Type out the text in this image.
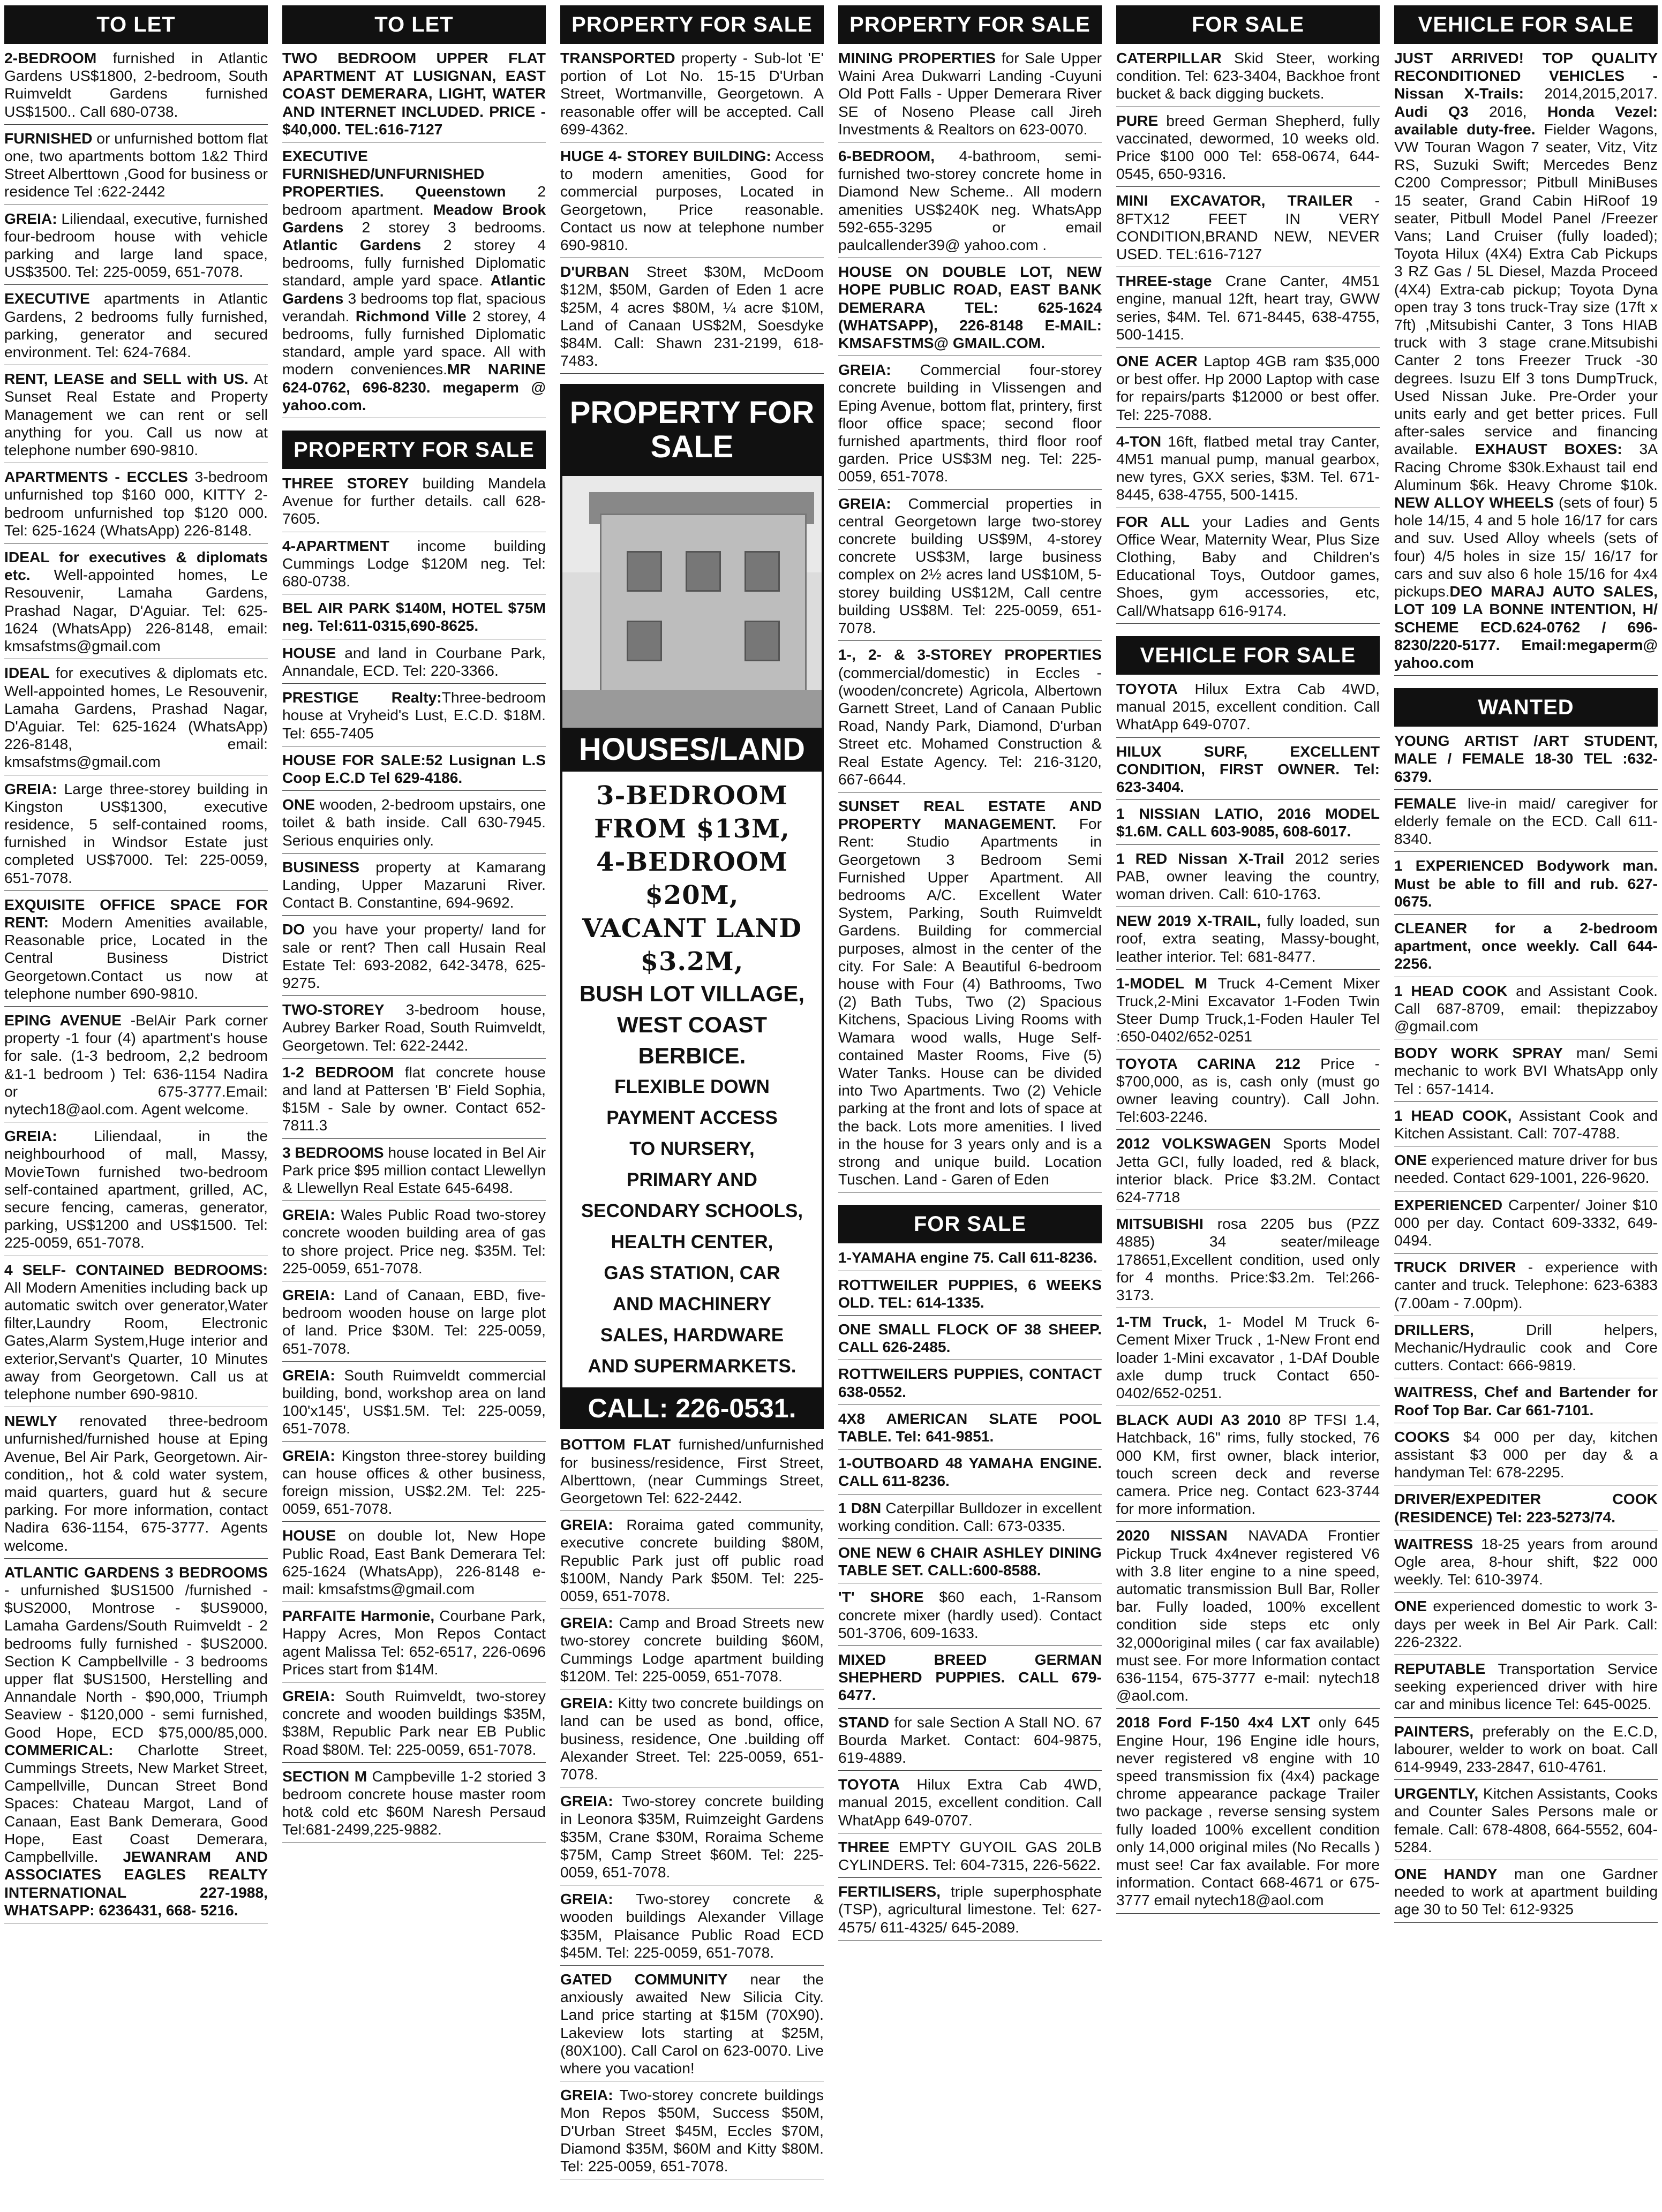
TO LET
2-BEDROOM furnished in Atlantic Gardens US$1800, 2-bedroom, South Ruimveldt Gardens furnished US$1500.. Call 680-0738.
FURNISHED or unfurnished bottom flat one, two apartments bottom 1&2 Third Street Alberttown ,Good for business or residence Tel :622-2442
GREIA: Liliendaal, executive, furnished four-bedroom house with vehicle parking and large land space, US$3500. Tel: 225-0059, 651-7078.
EXECUTIVE apartments in Atlantic Gardens, 2 bedrooms fully furnished, parking, generator and secured environment. Tel: 624-7684.
RENT, LEASE and SELL with US. At Sunset Real Estate and Property Management we can rent or sell anything for you. Call us now at telephone number 690-9810.
APARTMENTS - ECCLES 3-bedroom unfurnished top $160 000, KITTY 2-bedroom unfurnished top $120 000. Tel: 625-1624 (WhatsApp) 226-8148.
IDEAL for executives & diplomats etc. Well-appointed homes, Le Resouvenir, Lamaha Gardens, Prashad Nagar, D'Aguiar. Tel: 625-1624 (WhatsApp) 226-8148, email: kmsafstms@gmail.com
IDEAL for executives & diplomats etc. Well-appointed homes, Le Resouvenir, Lamaha Gardens, Prashad Nagar, D'Aguiar. Tel: 625-1624 (WhatsApp) 226-8148, email: kmsafstms@gmail.com
GREIA: Large three-storey building in Kingston US$1300, executive residence, 5 self-contained rooms, furnished in Windsor Estate just completed US$7000. Tel: 225-0059, 651-7078.
EXQUISITE OFFICE SPACE FOR RENT: Modern Amenities available, Reasonable price, Located in the Central Business District Georgetown.Contact us now at telephone number 690-9810.
EPING AVENUE -BelAir Park corner property -1 four (4) apartment's house for sale. (1-3 bedroom, 2,2 bedroom &1-1 bedroom ) Tel: 636-1154 Nadira or 675-3777.Email: nytech18@aol.com. Agent welcome.
GREIA: Liliendaal, in the neighbourhood of mall, Massy, MovieTown furnished two-bedroom self-contained apartment, grilled, AC, secure fencing, cameras, generator, parking, US$1200 and US$1500. Tel: 225-0059, 651-7078.
4 SELF- CONTAINED BEDROOMS: All Modern Amenities including back up automatic switch over generator,Water filter,Laundry Room, Electronic Gates,Alarm System,Huge interior and exterior,Servant's Quarter, 10 Minutes away from Georgetown. Call us at telephone number 690-9810.
NEWLY renovated three-bedroom unfurnished/furnished house at Eping Avenue, Bel Air Park, Georgetown. Air-condition,, hot & cold water system, maid quarters, guard hut & secure parking. For more information, contact Nadira 636-1154, 675-3777. Agents welcome.
ATLANTIC GARDENS 3 BEDROOMS - unfurnished $US1500 /furnished - $US2000, Montrose - $US9000, Lamaha Gardens/South Ruimveldt - 2 bedrooms fully furnished - $US2000. Section K Campbellville - 3 bedrooms upper flat $US1500, Herstelling and Annandale North - $90,000, Triumph Seaview - $120,000 - semi furnished, Good Hope, ECD $75,000/85,000. COMMERICAL: Charlotte Street, Cummings Streets, New Market Street, Campellville, Duncan Street Bond Spaces: Chateau Margot, Land of Canaan, East Bank Demerara, Good Hope, East Coast Demerara, Campbellville. JEWANRAM AND ASSOCIATES EAGLES REALTY INTERNATIONAL 227-1988, WHATSAPP: 6236431, 668- 5216.
TO LET
TWO BEDROOM UPPER FLAT APARTMENT AT LUSIGNAN, EAST COAST DEMERARA, LIGHT, WATER AND INTERNET INCLUDED. PRICE - $40,000. TEL:616-7127
EXECUTIVE FURNISHED/UNFURNISHED PROPERTIES. Queenstown 2 bedroom apartment. Meadow Brook Gardens 2 storey 3 bedrooms. Atlantic Gardens 2 storey 4 bedrooms, fully furnished Diplomatic standard, ample yard space. Atlantic Gardens 3 bedrooms top flat, spacious verandah. Richmond Ville 2 storey, 4 bedrooms, fully furnished Diplomatic standard, ample yard space. All with modern conveniences.MR NARINE 624-0762, 696-8230. megaperm @ yahoo.com.
PROPERTY FOR SALE
THREE STOREY building Mandela Avenue for further details. call 628-7605.
4-APARTMENT income building Cummings Lodge $120M neg. Tel: 680-0738.
BEL AIR PARK $140M, HOTEL $75M neg. Tel:611-0315,690-8625.
HOUSE and land in Courbane Park, Annandale, ECD. Tel: 220-3366.
PRESTIGE Realty:Three-bedroom house at Vryheid's Lust, E.C.D. $18M. Tel: 655-7405
HOUSE FOR SALE:52 Lusignan L.S Coop E.C.D Tel 629-4186.
ONE wooden, 2-bedroom upstairs, one toilet & bath inside. Call 630-7945. Serious enquiries only.
BUSINESS property at Kamarang Landing, Upper Mazaruni River. Contact B. Constantine, 694-9692.
DO you have your property/ land for sale or rent? Then call Husain Real Estate Tel: 693-2082, 642-3478, 625-9275.
TWO-STOREY 3-bedroom house, Aubrey Barker Road, South Ruimveldt, Georgetown. Tel: 622-2442.
1-2 BEDROOM flat concrete house and land at Pattersen 'B' Field Sophia, $15M - Sale by owner. Contact 652-7811.3
3 BEDROOMS house located in Bel Air Park price $95 million contact Llewellyn & Llewellyn Real Estate 645-6498.
GREIA: Wales Public Road two-storey concrete wooden building area of gas to shore project. Price neg. $35M. Tel: 225-0059, 651-7078.
GREIA: Land of Canaan, EBD, five-bedroom wooden house on large plot of land. Price $30M. Tel: 225-0059, 651-7078.
GREIA: South Ruimveldt commercial building, bond, workshop area on land 100'x145', US$1.5M. Tel: 225-0059, 651-7078.
GREIA: Kingston three-storey building can house offices & other business, foreign mission, US$2.2M. Tel: 225-0059, 651-7078.
HOUSE on double lot, New Hope Public Road, East Bank Demerara Tel: 625-1624 (WhatsApp), 226-8148 e-mail: kmsafstms@gmail.com
PARFAITE Harmonie, Courbane Park, Happy Acres, Mon Repos Contact agent Malissa Tel: 652-6517, 226-0696 Prices start from $14M.
GREIA: South Ruimveldt, two-storey concrete and wooden buildings $35M, $38M, Republic Park near EB Public Road $80M. Tel: 225-0059, 651-7078.
SECTION M Campbeville 1-2 storied 3 bedroom concrete house master room hot& cold etc $60M Naresh Persaud Tel:681-2499,225-9882.
PROPERTY FOR SALE
TRANSPORTED property - Sub-lot 'E' portion of Lot No. 15-15 D'Urban Street, Wortmanville, Georgetown. A reasonable offer will be accepted. Call 699-4362.
HUGE 4- STOREY BUILDING: Access to modern amenities, Good for commercial purposes, Located in Georgetown, Price reasonable. Contact us now at telephone number 690-9810.
D'URBAN Street $30M, McDoom $12M, $50M, Garden of Eden 1 acre $25M, 4 acres $80M, ¼ acre $10M, Land of Canaan US$2M, Soesdyke $84M. Call: Shawn 231-2199, 618-7483.
PROPERTY FOR SALE
HOUSES/LAND
3-BEDROOM
FROM $13M,
4-BEDROOM
$20M,
VACANT LAND
$3.2M,
BUSH LOT VILLAGE,
WEST COAST
BERBICE.
FLEXIBLE DOWN
PAYMENT ACCESS
TO NURSERY,
PRIMARY AND
SECONDARY SCHOOLS,
HEALTH CENTER,
GAS STATION, CAR
AND MACHINERY
SALES, HARDWARE
AND SUPERMARKETS.
CALL: 226-0531.
BOTTOM FLAT furnished/unfurnished for business/residence, First Street, Alberttown, (near Cummings Street, Georgetown Tel: 622-2442.
GREIA: Roraima gated community, executive concrete building $80M, Republic Park just off public road $100M, Nandy Park $50M. Tel: 225-0059, 651-7078.
GREIA: Camp and Broad Streets new two-storey concrete building $60M, Cummings Lodge apartment building $120M. Tel: 225-0059, 651-7078.
GREIA: Kitty two concrete buildings on land can be used as bond, office, business, residence, One .building off Alexander Street. Tel: 225-0059, 651-7078.
GREIA: Two-storey concrete building in Leonora $35M, Ruimzeight Gardens $35M, Crane $30M, Roraima Scheme $75M, Camp Street $60M. Tel: 225-0059, 651-7078.
GREIA: Two-storey concrete & wooden buildings Alexander Village $35M, Plaisance Public Road ECD $45M. Tel: 225-0059, 651-7078.
GATED COMMUNITY near the anxiously awaited New Silicia City. Land price starting at $15M (70X90). Lakeview lots starting at $25M, (80X100). Call Carol on 623-0070. Live where you vacation!
GREIA: Two-storey concrete buildings Mon Repos $50M, Success $50M, D'Urban Street $45M, Eccles $70M, Diamond $35M, $60M and Kitty $80M. Tel: 225-0059, 651-7078.
PROPERTY FOR SALE
MINING PROPERTIES for Sale Upper Waini Area Dukwarri Landing -Cuyuni Old Pott Falls - Upper Demerara River SE of Noseno Please call Jireh Investments & Realtors on 623-0070.
6-BEDROOM, 4-bathroom, semi-furnished two-storey concrete home in Diamond New Scheme.. All modern amenities US$240K neg. WhatsApp 592-655-3295 or email paulcallender39@ yahoo.com .
HOUSE ON DOUBLE LOT, NEW HOPE PUBLIC ROAD, EAST BANK DEMERARA TEL: 625-1624 (WHATSAPP), 226-8148 E-MAIL: KMSAFSTMS@ GMAIL.COM.
GREIA: Commercial four-storey concrete building in Vlissengen and Eping Avenue, bottom flat, printery, first floor office space; second floor furnished apartments, third floor roof garden. Price US$3M neg. Tel: 225-0059, 651-7078.
GREIA: Commercial properties in central Georgetown large two-storey concrete building US$9M, 4-storey concrete US$3M, large business complex on 2½ acres land US$10M, 5-storey building US$12M, Call centre building US$8M. Tel: 225-0059, 651-7078.
1-, 2- & 3-STOREY PROPERTIES (commercial/domestic) in Eccles - (wooden/concrete) Agricola, Albertown Garnett Street, Land of Canaan Public Road, Nandy Park, Diamond, D'urban Street etc. Mohamed Construction & Real Estate Agency. Tel: 216-3120, 667-6644.
SUNSET REAL ESTATE AND PROPERTY MANAGEMENT. For Rent: Studio Apartments in Georgetown 3 Bedroom Semi Furnished Upper Apartment. All bedrooms A/C. Excellent Water System, Parking, South Ruimveldt Gardens. Building for commercial purposes, almost in the center of the city. For Sale: A Beautiful 6-bedroom house with Four (4) Bathrooms, Two (2) Bath Tubs, Two (2) Spacious Kitchens, Spacious Living Rooms with Wamara wood walls, Huge Self-contained Master Rooms, Five (5) Water Tanks. House can be divided into Two Apartments. Two (2) Vehicle parking at the front and lots of space at the back. Lots more amenities. I lived in the house for 3 years only and is a strong and unique build. Location Tuschen. Land - Garen of Eden
FOR SALE
1-YAMAHA engine 75. Call 611-8236.
ROTTWEILER PUPPIES, 6 WEEKS OLD. TEL: 614-1335.
ONE SMALL FLOCK OF 38 SHEEP. CALL 626-2485.
ROTTWEILERS PUPPIES, CONTACT 638-0552.
4X8 AMERICAN SLATE POOL TABLE. Tel: 641-9851.
1-OUTBOARD 48 YAMAHA ENGINE. CALL 611-8236.
1 D8N Caterpillar Bulldozer in excellent working condition. Call: 673-0335.
ONE NEW 6 CHAIR ASHLEY DINING TABLE SET. CALL:600-8588.
'T' SHORE $60 each, 1-Ransom concrete mixer (hardly used). Contact 501-3706, 609-1633.
MIXED BREED GERMAN SHEPHERD PUPPIES. CALL 679-6477.
STAND for sale Section A Stall NO. 67 Bourda Market. Contact: 604-9875, 619-4889.
TOYOTA Hilux Extra Cab 4WD, manual 2015, excellent condition. Call WhatApp 649-0707.
THREE EMPTY GUYOIL GAS 20LB CYLINDERS. Tel: 604-7315, 226-5622.
FERTILISERS, triple superphosphate (TSP), agricultural limestone. Tel: 627-4575/ 611-4325/ 645-2089.
FOR SALE
CATERPILLAR Skid Steer, working condition. Tel: 623-3404, Backhoe front bucket & back digging buckets.
PURE breed German Shepherd, fully vaccinated, dewormed, 10 weeks old. Price $100 000 Tel: 658-0674, 644-0545, 650-9316.
MINI EXCAVATOR, TRAILER - 8FTX12 FEET IN VERY CONDITION,BRAND NEW, NEVER USED. TEL:616-7127
THREE-stage Crane Canter, 4M51 engine, manual 12ft, heart tray, GWW series, $4M. Tel. 671-8445, 638-4755, 500-1415.
ONE ACER Laptop 4GB ram $35,000 or best offer. Hp 2000 Laptop with case for repairs/parts $12000 or best offer. Tel: 225-7088.
4-TON 16ft, flatbed metal tray Canter, 4M51 manual pump, manual gearbox, new tyres, GXX series, $3M. Tel. 671-8445, 638-4755, 500-1415.
FOR ALL your Ladies and Gents Office Wear, Maternity Wear, Plus Size Clothing, Baby and Children's Educational Toys, Outdoor games, Shoes, gym accessories, etc, Call/Whatsapp 616-9174.
VEHICLE FOR SALE
TOYOTA Hilux Extra Cab 4WD, manual 2015, excellent condition. Call WhatApp 649-0707.
HILUX SURF, EXCELLENT CONDITION, FIRST OWNER. Tel: 623-3404.
1 NISSIAN LATIO, 2016 MODEL $1.6M. CALL 603-9085, 608-6017.
1 RED Nissan X-Trail 2012 series PAB, owner leaving the country, woman driven. Call: 610-1763.
NEW 2019 X-TRAIL, fully loaded, sun roof, extra seating, Massy-bought, leather interior. Tel: 681-8477.
1-MODEL M Truck 4-Cement Mixer Truck,2-Mini Excavator 1-Foden Twin Steer Dump Truck,1-Foden Hauler Tel :650-0402/652-0251
TOYOTA CARINA 212 Price - $700,000, as is, cash only (must go owner leaving country). Call John. Tel:603-2246.
2012 VOLKSWAGEN Sports Model Jetta GCI, fully loaded, red & black, interior black. Price $3.2M. Contact 624-7718
MITSUBISHI rosa 2205 bus (PZZ 4885) 34 seater/mileage 178651,Excellent condition, used only for 4 months. Price:$3.2m. Tel:266-3173.
1-TM Truck, 1- Model M Truck 6-Cement Mixer Truck , 1-New Front end loader 1-Mini excavator , 1-DAf Double axle dump truck Contact 650-0402/652-0251.
BLACK AUDI A3 2010 8P TFSI 1.4, Hatchback, 16" rims, fully stocked, 76 000 KM, first owner, black interior, touch screen deck and reverse camera. Price neg. Contact 623-3744 for more information.
2020 NISSAN NAVADA Frontier Pickup Truck 4x4never registered V6 with 3.8 liter engine to a nine speed, automatic transmission Bull Bar, Roller bar. Fully loaded, 100% excellent condition side steps etc only 32,000original miles ( car fax available) must see. For more Information contact 636-1154, 675-3777 e-mail: nytech18 @aol.com.
2018 Ford F-150 4x4 LXT only 645 Engine Hour, 196 Engine idle hours, never registered v8 engine with 10 speed transmission fix (4x4) package chrome appearance package Trailer two package , reverse sensing system fully loaded 100% excellent condition only 14,000 original miles (No Recalls ) must see! Car fax available. For more information. Contact 668-4671 or 675-3777 email nytech18@aol.com
VEHICLE FOR SALE
JUST ARRIVED! TOP QUALITY RECONDITIONED VEHICLES - Nissan X-Trails: 2014,2015,2017. Audi Q3 2016, Honda Vezel: available duty-free. Fielder Wagons, VW Touran Wagon 7 seater, Vitz, Vitz RS, Suzuki Swift; Mercedes Benz C200 Compressor; Pitbull MiniBuses 15 seater, Grand Cabin HiRoof 19 seater, Pitbull Model Panel /Freezer Vans; Land Cruiser (fully loaded); Toyota Hilux (4X4) Extra Cab Pickups 3 RZ Gas / 5L Diesel, Mazda Proceed (4X4) Extra-cab pickup; Toyota Dyna open tray 3 tons truck-Tray size (17ft x 7ft) ,Mitsubishi Canter, 3 Tons HIAB truck with 3 stage crane.Mitsubishi Canter 2 tons Freezer Truck -30 degrees. Isuzu Elf 3 tons DumpTruck, Used Nissan Juke. Pre-Order your units early and get better prices. Full after-sales service and financing available. EXHAUST BOXES: 3A Racing Chrome $30k.Exhaust tail end Aluminum $6k. Heavy Chrome $10k. NEW ALLOY WHEELS (sets of four) 5 hole 14/15, 4 and 5 hole 16/17 for cars and suv. Used Alloy wheels (sets of four) 4/5 holes in size 15/ 16/17 for cars and suv also 6 hole 15/16 for 4x4 pickups.DEO MARAJ AUTO SALES, LOT 109 LA BONNE INTENTION, H/ SCHEME ECD.624-0762 / 696-8230/220-5177. Email:megaperm@ yahoo.com
WANTED
YOUNG ARTIST /ART STUDENT, MALE / FEMALE 18-30 TEL :632-6379.
FEMALE live-in maid/ caregiver for elderly female on the ECD. Call 611-8340.
1 EXPERIENCED Bodywork man. Must be able to fill and rub. 627-0675.
CLEANER for a 2-bedroom apartment, once weekly. Call 644-2256.
1 HEAD COOK and Assistant Cook. Call 687-8709, email: thepizzaboy @gmail.com
BODY WORK SPRAY man/ Semi mechanic to work BVI WhatsApp only Tel : 657-1414.
1 HEAD COOK, Assistant Cook and Kitchen Assistant. Call: 707-4788.
ONE experienced mature driver for bus needed. Contact 629-1001, 226-9620.
EXPERIENCED Carpenter/ Joiner $10 000 per day. Contact 609-3332, 649-0494.
TRUCK DRIVER - experience with canter and truck. Telephone: 623-6383 (7.00am - 7.00pm).
DRILLERS, Drill helpers, Mechanic/Hydraulic cook and Core cutters. Contact: 666-9819.
WAITRESS, Chef and Bartender for Roof Top Bar. Car 661-7101.
COOKS $4 000 per day, kitchen assistant $3 000 per day & a handyman Tel: 678-2295.
DRIVER/EXPEDITER COOK (RESIDENCE) Tel: 223-5273/74.
WAITRESS 18-25 years from around Ogle area, 8-hour shift, $22 000 weekly. Tel: 610-3974.
ONE experienced domestic to work 3-days per week in Bel Air Park. Call: 226-2322.
REPUTABLE Transportation Service seeking experienced driver with hire car and minibus licence Tel: 645-0025.
PAINTERS, preferably on the E.C.D, labourer, welder to work on boat. Call 614-9949, 233-2847, 610-4761.
URGENTLY, Kitchen Assistants, Cooks and Counter Sales Persons male or female. Call: 678-4808, 664-5552, 604-5284.
ONE HANDY man one Gardner needed to work at apartment building age 30 to 50 Tel: 612-9325
